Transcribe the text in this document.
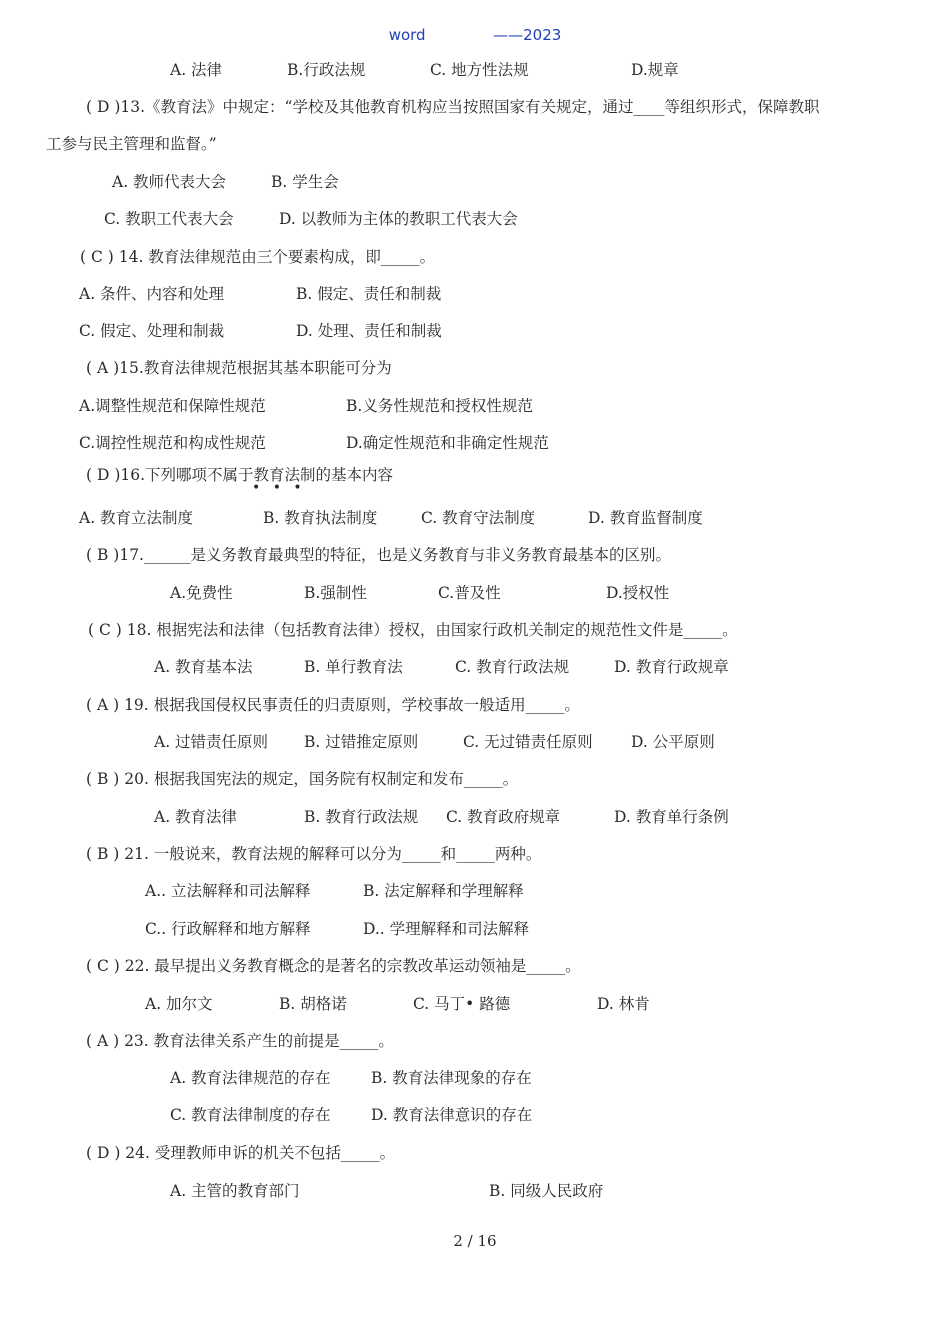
word	——2023
A. 法律	B.行政法规	C. 地方性法规	D.规章
( D )13.《教育法》中规定：“学校及其他教育机构应当按照国家有关规定，通过____等组织形式，保障教职
工参与民主管理和监督。”
A. 教师代表大会	B. 学生会
C. 教职工代表大会	D. 以教师为主体的教职工代表大会
( C ) 14. 教育法律规范由三个要素构成，即_____。
A. 条件、内容和处理	B. 假定、责任和制裁
C. 假定、处理和制裁	D. 处理、责任和制裁
( A )15.教育法律规范根据其基本职能可分为
A.调整性规范和保障性规范	B.义务性规范和授权性规范
C.调控性规范和构成性规范	D.确定性规范和非确定性规范
( D )16.下列哪项不属于教育法制的基本内容
A. 教育立法制度	B. 教育执法制度	C. 教育守法制度	D. 教育监督制度
( B )17.______是义务教育最典型的特征，也是义务教育与非义务教育最基本的区别。
A.免费性	B.强制性	C.普及性	D.授权性
( C ) 18. 根据宪法和法律（包括教育法律）授权，由国家行政机关制定的规范性文件是_____。
A. 教育基本法	B. 单行教育法	C. 教育行政法规	D. 教育行政规章
( A ) 19. 根据我国侵权民事责任的归责原则，学校事故一般适用_____。
A. 过错责任原则 B. 过错推定原则	C. 无过错责任原则 D. 公平原则
( B ) 20. 根据我国宪法的规定，国务院有权制定和发布_____。
A. 教育法律	B. 教育行政法规 C. 教育政府规章	D. 教育单行条例
( B ) 21. 一般说来，教育法规的解释可以分为_____和_____两种。
A.. 立法解释和司法解释	B. 法定解释和学理解释
C.. 行政解释和地方解释	D.. 学理解释和司法解释
( C ) 22. 最早提出义务教育概念的是著名的宗教改革运动领袖是_____。
A. 加尔文	B. 胡格诺	C. 马丁• 路德	D. 林肯
( A ) 23. 教育法律关系产生的前提是_____。
A. 教育法律规范的存在	B. 教育法律现象的存在
C. 教育法律制度的存在	D. 教育法律意识的存在
( D ) 24. 受理教师申诉的机关不包括_____。
A. 主管的教育部门	B. 同级人民政府
• • •
2 / 16
